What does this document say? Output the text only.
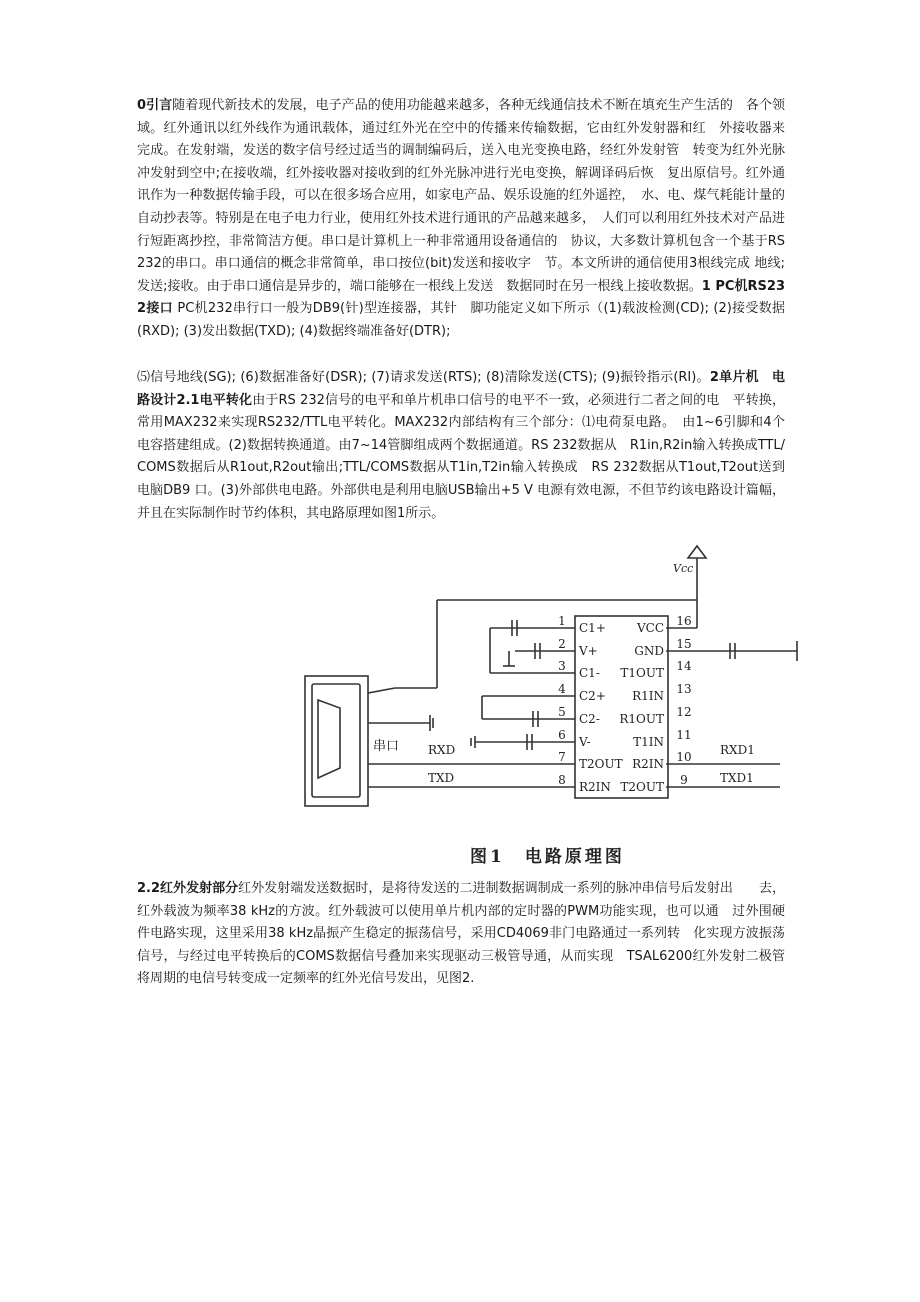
0引言随着现代新技术的发展，电子产品的使用功能越来越多，各种无线通信技术不断在填充生产生活的　各个领域。红外通讯以红外线作为通讯载体，通过红外光在空中的传播来传输数据，它由红外发射器和红　外接收器来完成。在发射端，发送的数字信号经过适当的调制编码后，送入电光变换电路，经红外发射管　转变为红外光脉冲发射到空中;在接收端，红外接收器对接收到的红外光脉冲进行光电变换，解调译码后恢　复出原信号。红外通讯作为一种数据传输手段，可以在很多场合应用，如家电产品、娱乐设施的红外遥控，　水、电、煤气耗能计量的自动抄表等。特别是在电子电力行业，使用红外技术进行通讯的产品越来越多，　人们可以利用红外技术对产品进行短距离抄控，非常简洁方便。串口是计算机上一种非常通用设备通信的　协议，大多数计算机包含一个基于RS 232的串口。串口通信的概念非常简单，串口按位(bit)发送和接收字　节。本文所讲的通信使用3根线完成 地线;发送;接收。由于串口通信是异步的，端口能够在一根线上发送　数据同时在另一根线上接收数据。1 PC机RS232接口 PC机232串行口一般为DB9(针)型连接器，其针　脚功能定义如下所示（(1)载波检测(CD); (2)接受数据(RXD); (3)发出数据(TXD); (4)数据终端准备好(DTR);

⑸信号地线(SG); (6)数据准备好(DSR); (7)请求发送(RTS); (8)清除发送(CTS); (9)振铃指示(RI)。2单片机　电路设计2.1电平转化由于RS 232信号的电平和单片机串口信号的电平不一致，必须进行二者之间的电　平转换，常用MAX232来实现RS232/TTL电平转化。MAX232内部结构有三个部分：⑴电荷泵电路。　由1~6引脚和4个电容搭建组成。(2)数据转换通道。由7~14管脚组成两个数据通道。RS 232数据从　R1in,R2in输入转换成TTL/COMS数据后从R1out,R2out输出;TTL/COMS数据从T1in,T2in输入转换成　RS 232数据从T1out,T2out送到电脑DB9 口。(3)外部供电电路。外部供电是利用电脑USB输出+5 V 电源有效电源，不但节约该电路设计篇幅，并且在实际制作时节约体积，其电路原理如图1所示。

Vcc
串口 RXD
TXD
RXD1
TXD1
1 C1+
2 V+
3 C1-
4 C2+
5 C2-
6 V-
7 T2OUT
8 R2IN
16
VCC
15
GND
14
T1OUT
13
R1IN
12
R1OUT
11
T1IN
10
R2IN
9
T2OUT

图1　电路原理图

2.2红外发射部分红外发射端发送数据时，是将待发送的二进制数据调制成一系列的脉冲串信号后发射出　　去，红外载波为频率38 kHz的方波。红外载波可以使用单片机内部的定时器的PWM功能实现，也可以通　过外围硬件电路实现，这里采用38 kHz晶振产生稳定的振荡信号，采用CD4069非门电路通过一系列转　化实现方波振荡信号，与经过电平转换后的COMS数据信号叠加来实现驱动三极管导通，从而实现　TSAL6200红外发射二极管将周期的电信号转变成一定频率的红外光信号发出，见图2.
